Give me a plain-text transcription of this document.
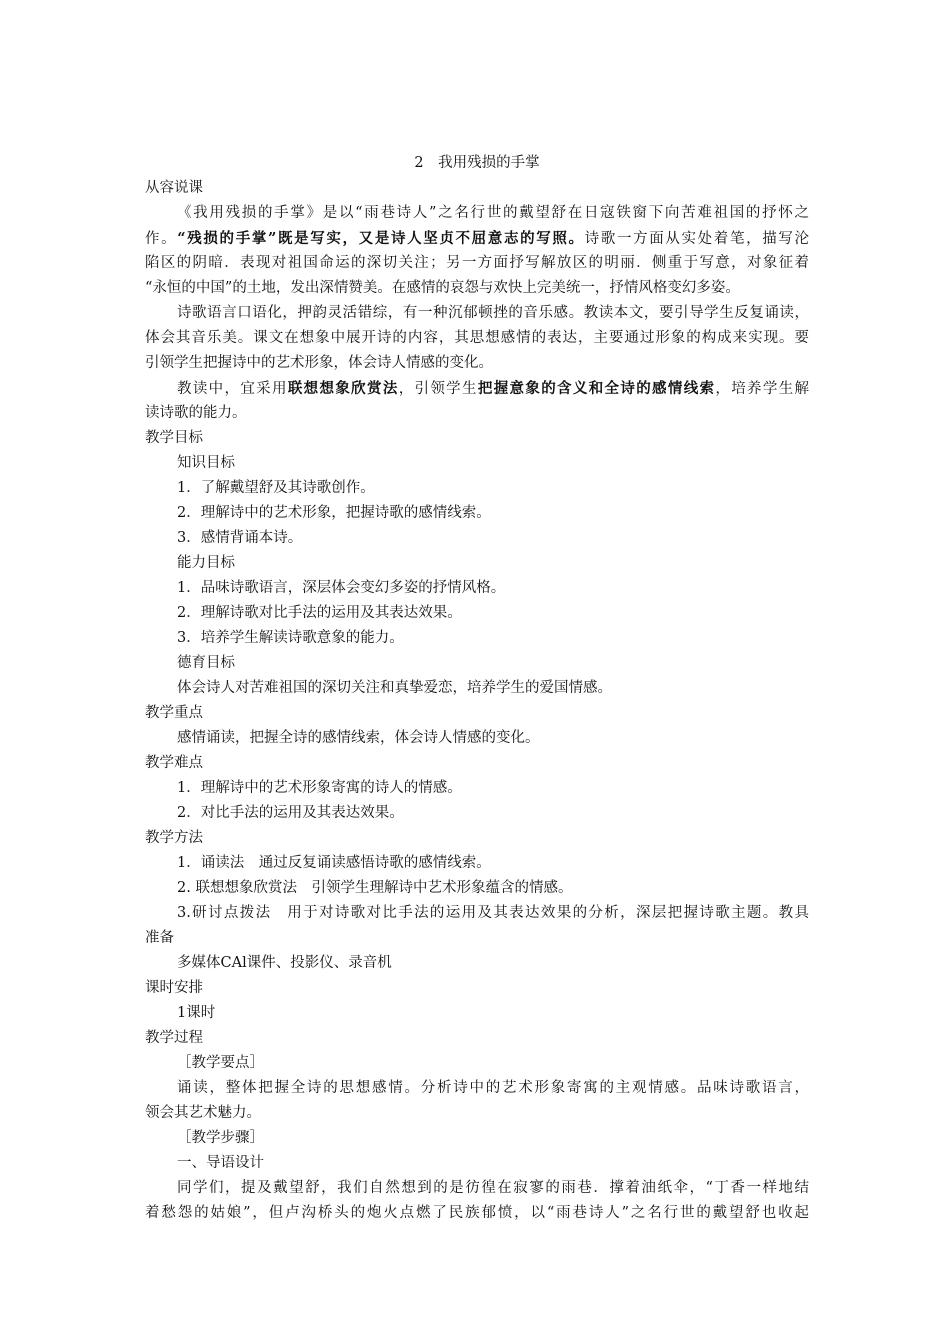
2　我用残损的手掌
从容说课
《我用残损的手掌》是以“雨巷诗人”之名行世的戴望舒在日寇铁窗下向苦难祖国的抒怀之
作。“残损的手掌”既是写实，又是诗人坚贞不屈意志的写照。诗歌一方面从实处着笔，描写沦
陷区的阴暗．表现对祖国命运的深切关注；另一方面抒写解放区的明丽．侧重于写意，对象征着
“永恒的中国”的土地，发出深情赞美。在感情的哀怨与欢快上完美统一，抒情风格变幻多姿。
诗歌语言口语化，押韵灵活错综，有一种沉郁顿挫的音乐感。教读本文，要引导学生反复诵读，
体会其音乐美。课文在想象中展开诗的内容，其思想感情的表达，主要通过形象的构成来实现。要
引领学生把握诗中的艺术形象，体会诗人情感的变化。
教读中，宜采用联想想象欣赏法，引领学生把握意象的含义和全诗的感情线索，培养学生解
读诗歌的能力。
教学目标
知识目标
1．了解戴望舒及其诗歌创作。
2．理解诗中的艺术形象，把握诗歌的感情线索。
3．感情背诵本诗。
能力目标
1．品味诗歌语言，深层体会变幻多姿的抒情风格。
2．理解诗歌对比手法的运用及其表达效果。
3．培养学生解读诗歌意象的能力。
德育目标
体会诗人对苦难祖国的深切关注和真挚爱恋，培养学生的爱国情感。
教学重点
感情诵读，把握全诗的感情线索，体会诗人情感的变化。
教学难点
1．理解诗中的艺术形象寄寓的诗人的情感。
2．对比手法的运用及其表达效果。
教学方法
1．诵读法　通过反复诵读感悟诗歌的感情线索。
2. 联想想象欣赏法　引领学生理解诗中艺术形象蕴含的情感。
3.研讨点拨法　用于对诗歌对比手法的运用及其表达效果的分析，深层把握诗歌主题。教具
准备
多媒体CAl课件、投影仪、录音机
课时安排
1课时
教学过程
［教学要点］
诵读，整体把握全诗的思想感情。分析诗中的艺术形象寄寓的主观情感。品味诗歌语言，
领会其艺术魅力。
［教学步骤］
一、导语设计
同学们，提及戴望舒，我们自然想到的是彷徨在寂寥的雨巷．撑着油纸伞，“丁香一样地结
着愁怨的姑娘”，但卢沟桥头的炮火点燃了民族郁愤，以“雨巷诗人”之名行世的戴望舒也收起
